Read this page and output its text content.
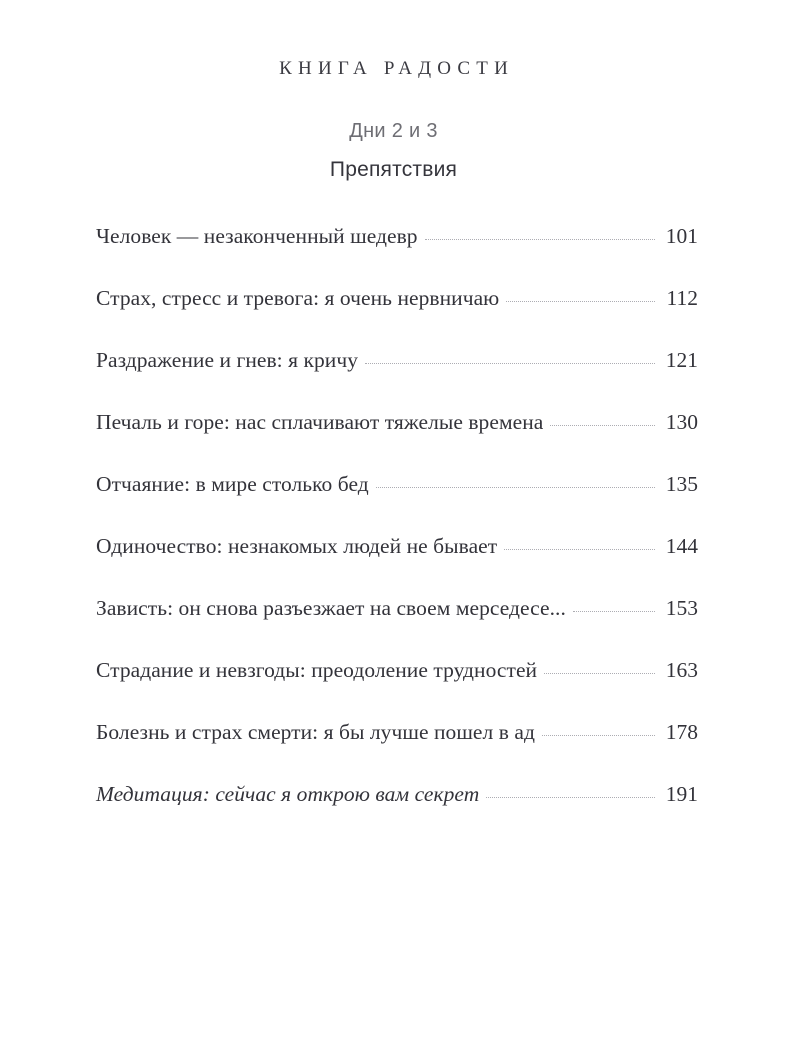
КНИГА РАДОСТИ
Дни 2 и 3
Препятствия
Человек — незаконченный шедевр	101
Страх, стресс и тревога: я очень нервничаю	112
Раздражение и гнев: я кричу	121
Печаль и горе: нас сплачивают тяжелые времена	130
Отчаяние: в мире столько бед	135
Одиночество: незнакомых людей не бывает	144
Зависть: он снова разъезжает на своем мерседесе...	153
Страдание и невзгоды: преодоление трудностей	163
Болезнь и страх смерти: я бы лучше пошел в ад	178
Медитация: сейчас я открою вам секрет	191
